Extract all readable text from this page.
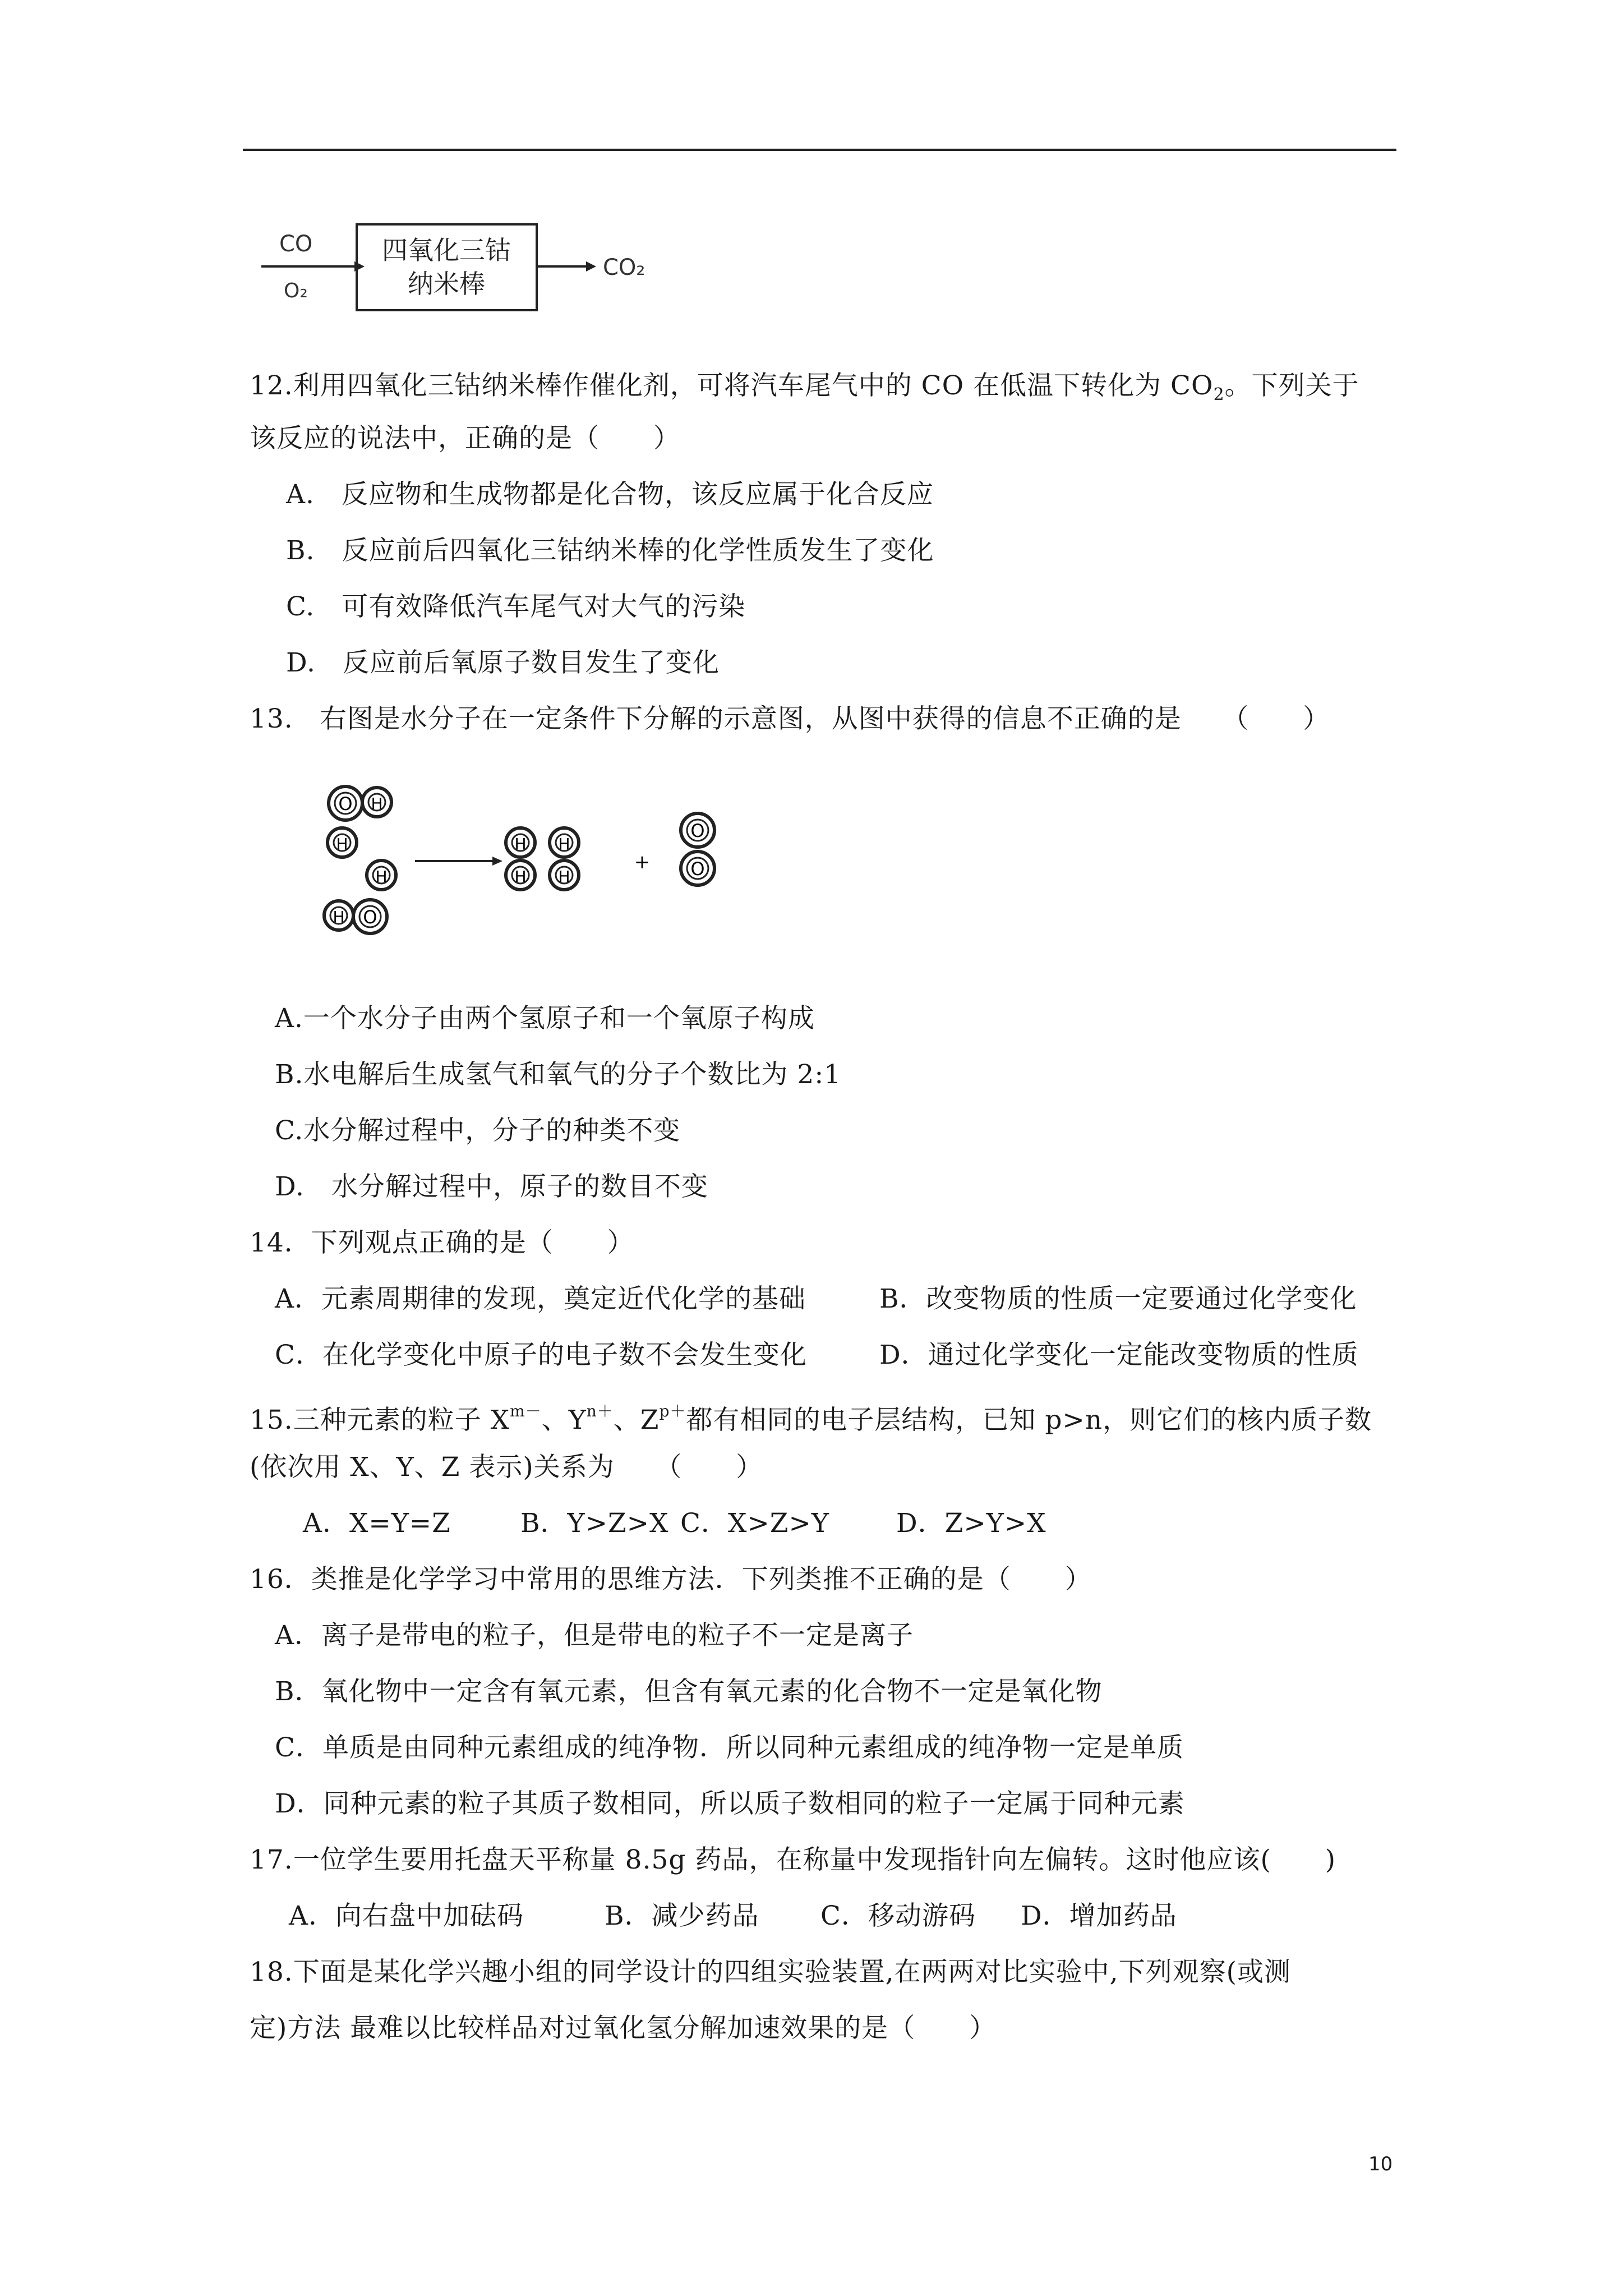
CO
O₂
四氧化三钴
纳米棒
CO₂
12.利用四氧化三钴纳米棒作催化剂，可将汽车尾气中的 CO 在低温下转化为 $CO_2$。下列关于
该反应的说法中，正确的是（　　）
A.　反应物和生成物都是化合物，该反应属于化合反应
B.　反应前后四氧化三钴纳米棒的化学性质发生了变化
C.　可有效降低汽车尾气对大气的污染
D.　反应前后氧原子数目发生了变化
13.　右图是水分子在一定条件下分解的示意图，从图中获得的信息不正确的是　　（　　）
O H
H
H
H O
H
H
H
H
+
O
O
A.一个水分子由两个氢原子和一个氧原子构成
B.水电解后生成氢气和氧气的分子个数比为 2:1
C.水分解过程中，分子的种类不变
D.　水分解过程中，原子的数目不变
14．下列观点正确的是（　　）
A．元素周期律的发现，奠定近代化学的基础	B．改变物质的性质一定要通过化学变化
C．在化学变化中原子的电子数不会发生变化	D．通过化学变化一定能改变物质的性质
15.三种元素的粒子 $X^{m-}$、$Y^{n+}$、$Z^{p+}$都有相同的电子层结构，已知 p>n，则它们的核内质子数
(依次用 X、Y、Z 表示)关系为　　（　　）
A．X=Y=Z	B．Y>Z>X C．X>Z>Y	D．Z>Y>X
16．类推是化学学习中常用的思维方法．下列类推不正确的是（　　）
A．离子是带电的粒子，但是带电的粒子不一定是离子
B．氧化物中一定含有氧元素，但含有氧元素的化合物不一定是氧化物
C．单质是由同种元素组成的纯净物．所以同种元素组成的纯净物一定是单质
D．同种元素的粒子其质子数相同，所以质子数相同的粒子一定属于同种元素
17.一位学生要用托盘天平称量 8.5g 药品，在称量中发现指针向左偏转。这时他应该(　　)
A．向右盘中加砝码	B．减少药品 C．移动游码 D．增加药品
18.下面是某化学兴趣小组的同学设计的四组实验装置,在两两对比实验中,下列观察(或测
定)方法 最难以比较样品对过氧化氢分解加速效果的是（　　）
10
